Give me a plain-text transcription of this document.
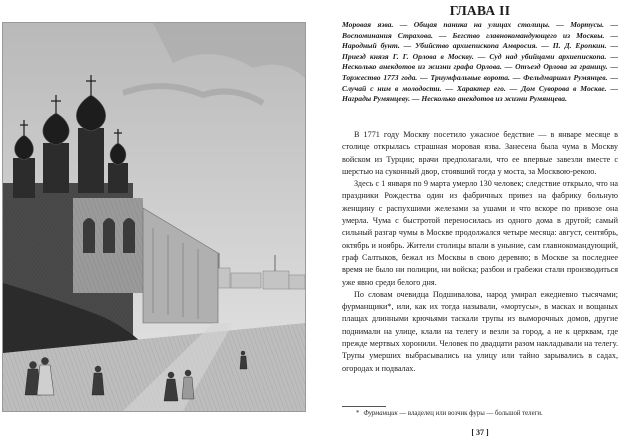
ГЛАВА II
Моровая язва. — Общая паника на улицах столицы. — Мортусы. — Воспоминания Страхова. — Бегство главнокомандующего из Москвы. — Народный бунт. — Убийство архиепископа Амвросия. — П. Д. Еропкин. — Приезд князя Г. Г. Орлова в Москву. — Суд над убийцами архиепископа. — Несколько анекдотов из жизни графа Орлова. — Отъезд Орлова за границу. — Торжество 1773 года. — Триумфальные ворота. — Фельдмаршал Румянцев. — Случай с ним в молодости. — Характер его. — Дом Суворова в Москве. — Награды Румянцеву. — Несколько анекдотов из жизни Румянцева.

В 1771 году Москву посетило ужасное бедствие — в январе месяце в столице открылась страшная моровая язва. Занесена была чума в Москву войском из Турции; врачи предполагали, что ее впервые завезли вместе с шерстью на суконный двор, стоявший тогда у моста, за Москвою-рекою.

Здесь с 1 января по 9 марта умерло 130 человек; следствие открыло, что на праздники Рождества один из фабричных привез на фабрику больную женщину с распухшими железами за ушами и что вскоре по привозе она умерла. Чума с быстротой переносилась из одного дома в другой; самый сильный разгар чумы в Москве продолжался четыре месяца: август, сентябрь, октябрь и ноябрь. Жители столицы впали в уныние, сам главнокомандующий, граф Салтыков, бежал из Москвы в свою деревню; в Москве за последнее время не было ни полиции, ни войска; разбои и грабежи стали производиться уже явно среди белого дня.

По словам очевидца Подшивалова, народ умирал ежедневно тысячами; фурманщики*, или, как их тогда называли, «мортусы», в масках и вощаных плащах длинными крючьями таскали трупы из выморочных домов, другие поднимали на улице, клали на телегу и везли за город, а не к церквам, где прежде мертвых хоронили. Человек по двадцати разом накладывали на телегу. Трупы умерших выбрасывались на улицу или тайно зарывались в садах, огородах и подвалах.

* Фурманщик — владелец или возчик фуры — большой телеги.
[ 37 ]
